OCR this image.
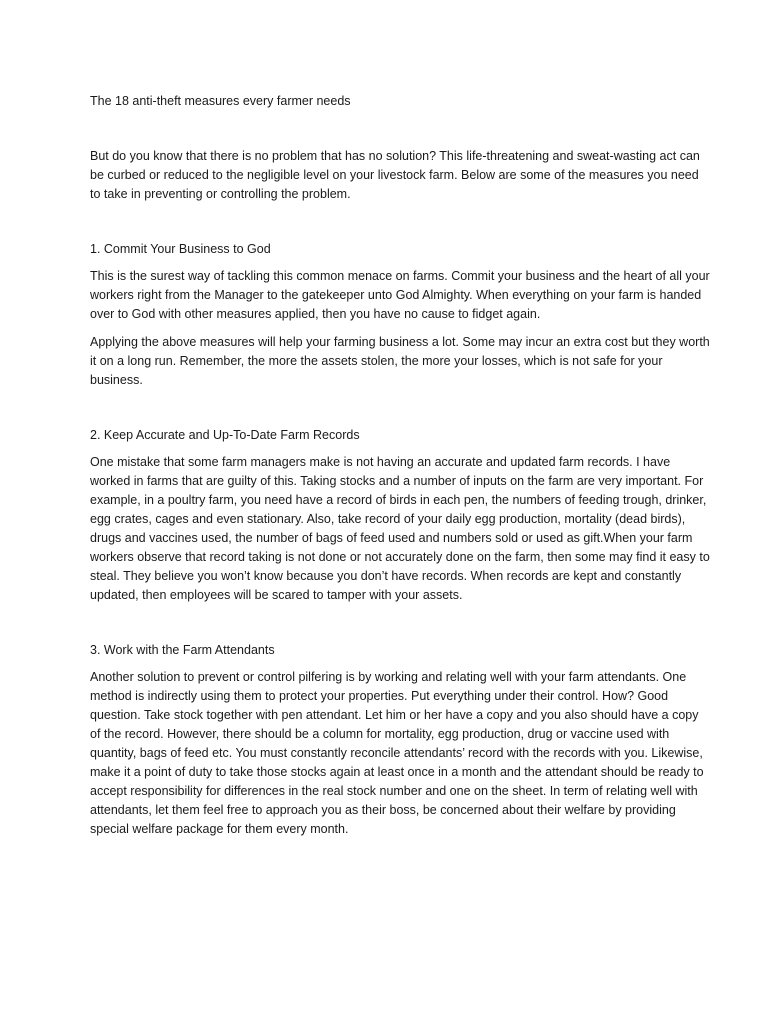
The 18 anti-theft measures every farmer needs

But do you know that there is no problem that has no solution? This life-threatening and sweat-wasting act can be curbed or reduced to the negligible level on your livestock farm. Below are some of the measures you need to take in preventing or controlling the problem.

1. Commit Your Business to God

This is the surest way of tackling this common menace on farms. Commit your business and the heart of all your workers right from the Manager to the gatekeeper unto God Almighty. When everything on your farm is handed over to God with other measures applied, then you have no cause to fidget again.

Applying the above measures will help your farming business a lot. Some may incur an extra cost but they worth it on a long run. Remember, the more the assets stolen, the more your losses, which is not safe for your business.

2. Keep Accurate and Up-To-Date Farm Records

One mistake that some farm managers make is not having an accurate and updated farm records. I have worked in farms that are guilty of this. Taking stocks and a number of inputs on the farm are very important. For example, in a poultry farm, you need have a record of birds in each pen, the numbers of feeding trough, drinker, egg crates, cages and even stationary. Also, take record of your daily egg production, mortality (dead birds), drugs and vaccines used, the number of bags of feed used and numbers sold or used as gift.When your farm workers observe that record taking is not done or not accurately done on the farm, then some may find it easy to steal. They believe you won’t know because you don’t have records. When records are kept and constantly updated, then employees will be scared to tamper with your assets.

3. Work with the Farm Attendants

Another solution to prevent or control pilfering is by working and relating well with your farm attendants. One method is indirectly using them to protect your properties. Put everything under their control. How? Good question. Take stock together with pen attendant. Let him or her have a copy and you also should have a copy of the record. However, there should be a column for mortality, egg production, drug or vaccine used with quantity, bags of feed etc. You must constantly reconcile attendants’ record with the records with you. Likewise, make it a point of duty to take those stocks again at least once in a month and the attendant should be ready to accept responsibility for differences in the real stock number and one on the sheet. In term of relating well with attendants, let them feel free to approach you as their boss, be concerned about their welfare by providing special welfare package for them every month.
